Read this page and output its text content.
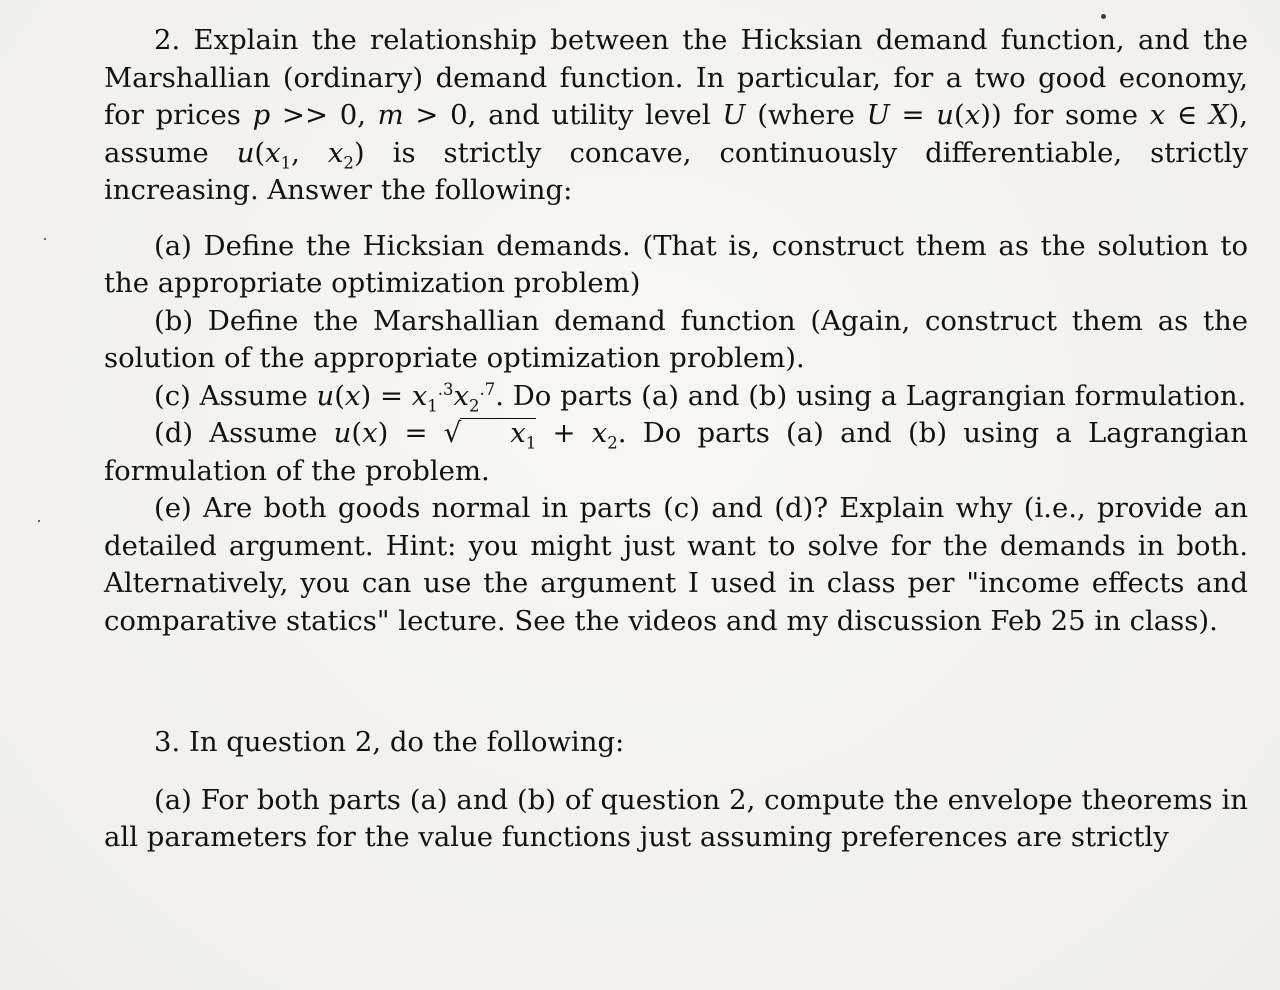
2. Explain the relationship between the Hicksian demand function, and the Marshallian (ordinary) demand function. In particular, for a two good economy, for prices p >> 0, m > 0, and utility level U (where U = u(x)) for some x ∈ X), assume $u(x_1$, $x_2$) is strictly concave, continuously differentiable, strictly increasing. Answer the following:

(a) Define the Hicksian demands. (That is, construct them as the solution to the appropriate optimization problem)

(b) Define the Marshallian demand function (Again, construct them as the solution of the appropriate optimization problem).

(c) Assume $u(x) = x_1^{.3}x_2^{.7}$. Do parts (a) and (b) using a Lagrangian formulation.

(d) Assume u(x) = √ $x_1 + x_2$. Do parts (a) and (b) using a Lagrangian formulation of the problem.

(e) Are both goods normal in parts (c) and (d)? Explain why (i.e., provide an detailed argument. Hint: you might just want to solve for the demands in both. Alternatively, you can use the argument I used in class per "income effects and comparative statics" lecture. See the videos and my discussion Feb 25 in class).

3. In question 2, do the following:

(a) For both parts (a) and (b) of question 2, compute the envelope theorems in all parameters for the value functions just assuming preferences are strictly
